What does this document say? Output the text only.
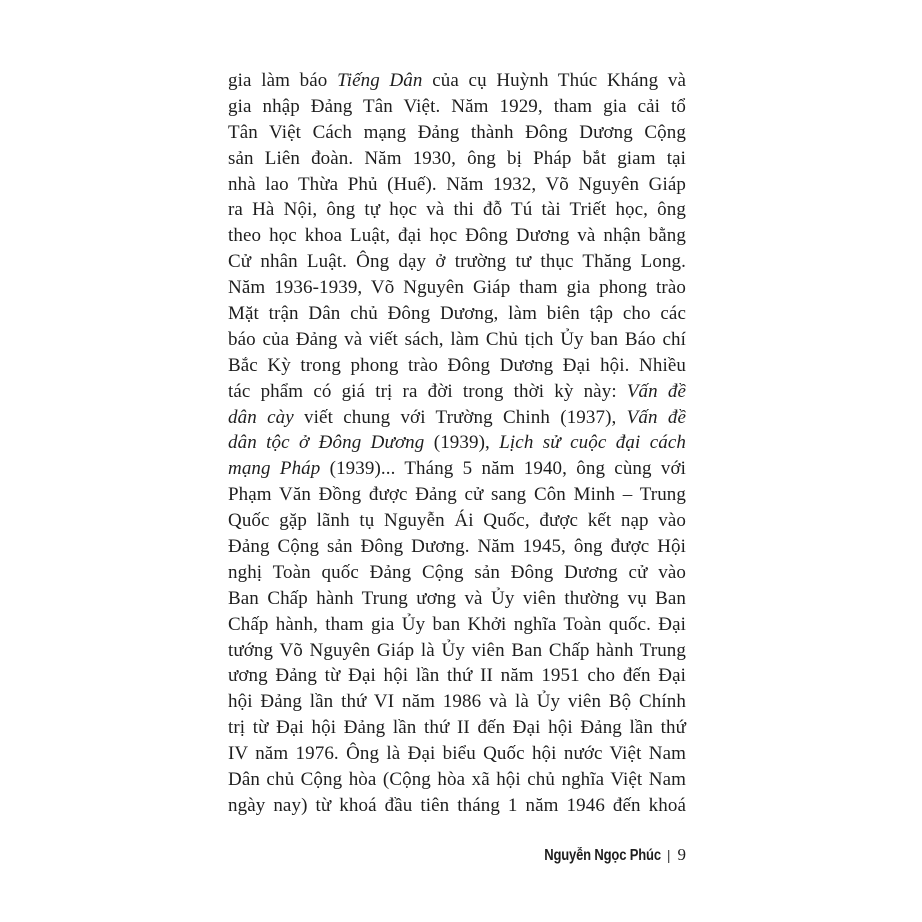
gia làm báo Tiếng Dân của cụ Huỳnh Thúc Kháng và
gia nhập Đảng Tân Việt. Năm 1929, tham gia cải tổ
Tân Việt Cách mạng Đảng thành Đông Dương Cộng
sản Liên đoàn. Năm 1930, ông bị Pháp bắt giam tại
nhà lao Thừa Phủ (Huế). Năm 1932, Võ Nguyên Giáp
ra Hà Nội, ông tự học và thi đỗ Tú tài Triết học, ông
theo học khoa Luật, đại học Đông Dương và nhận bằng
Cử nhân Luật. Ông dạy ở trường tư thục Thăng Long.
Năm 1936-1939, Võ Nguyên Giáp tham gia phong trào
Mặt trận Dân chủ Đông Dương, làm biên tập cho các
báo của Đảng và viết sách, làm Chủ tịch Ủy ban Báo chí
Bắc Kỳ trong phong trào Đông Dương Đại hội. Nhiều
tác phẩm có giá trị ra đời trong thời kỳ này: Vấn đề
dân cày viết chung với Trường Chinh (1937), Vấn đề
dân tộc ở Đông Dương (1939), Lịch sử cuộc đại cách
mạng Pháp (1939)... Tháng 5 năm 1940, ông cùng với
Phạm Văn Đồng được Đảng cử sang Côn Minh – Trung
Quốc gặp lãnh tụ Nguyễn Ái Quốc, được kết nạp vào
Đảng Cộng sản Đông Dương. Năm 1945, ông được Hội
nghị Toàn quốc Đảng Cộng sản Đông Dương cử vào
Ban Chấp hành Trung ương và Ủy viên thường vụ Ban
Chấp hành, tham gia Ủy ban Khởi nghĩa Toàn quốc. Đại
tướng Võ Nguyên Giáp là Ủy viên Ban Chấp hành Trung
ương Đảng từ Đại hội lần thứ II năm 1951 cho đến Đại
hội Đảng lần thứ VI năm 1986 và là Ủy viên Bộ Chính
trị từ Đại hội Đảng lần thứ II đến Đại hội Đảng lần thứ
IV năm 1976. Ông là Đại biểu Quốc hội nước Việt Nam
Dân chủ Cộng hòa (Cộng hòa xã hội chủ nghĩa Việt Nam
ngày nay) từ khoá đầu tiên tháng 1 năm 1946 đến khoá
Nguyễn Ngọc Phúc | 9
